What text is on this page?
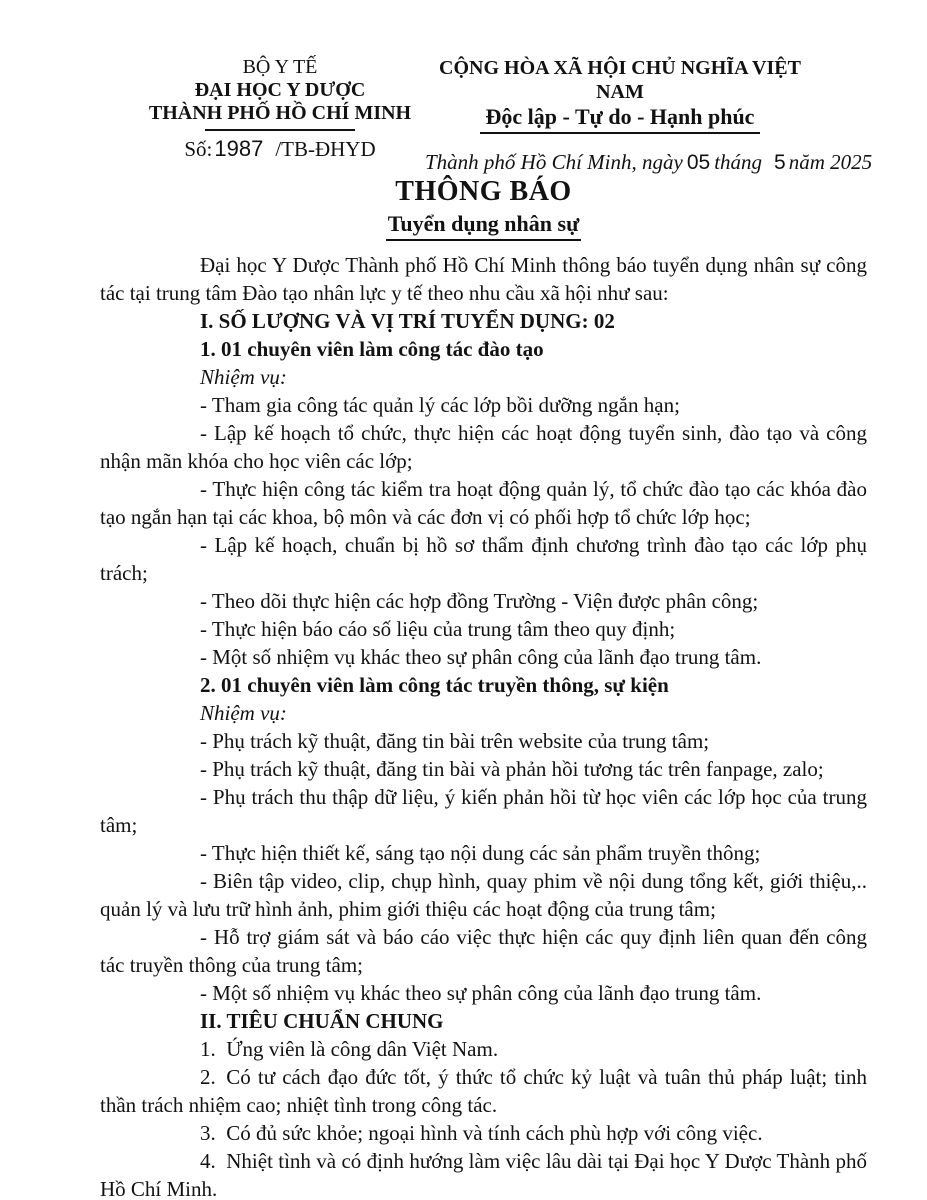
BỘ Y TẾ
ĐẠI HỌC Y DƯỢC
THÀNH PHỐ HỒ CHÍ MINH
Số:1987 /TB-ĐHYD
CỘNG HÒA XÃ HỘI CHỦ NGHĨA VIỆT NAM
Độc lập - Tự do - Hạnh phúc
Thành phố Hồ Chí Minh, ngày 05 tháng 5 năm 2025
THÔNG BÁO
Tuyển dụng nhân sự

Đại học Y Dược Thành phố Hồ Chí Minh thông báo tuyển dụng nhân sự công tác tại trung tâm Đào tạo nhân lực y tế theo nhu cầu xã hội như sau:

I. SỐ LƯỢNG VÀ VỊ TRÍ TUYỂN DỤNG: 02

1. 01 chuyên viên làm công tác đào tạo

Nhiệm vụ:

- Tham gia công tác quản lý các lớp bồi dưỡng ngắn hạn;

- Lập kế hoạch tổ chức, thực hiện các hoạt động tuyển sinh, đào tạo và công nhận mãn khóa cho học viên các lớp;

- Thực hiện công tác kiểm tra hoạt động quản lý, tổ chức đào tạo các khóa đào tạo ngắn hạn tại các khoa, bộ môn và các đơn vị có phối hợp tổ chức lớp học;

- Lập kế hoạch, chuẩn bị hồ sơ thẩm định chương trình đào tạo các lớp phụ trách;

- Theo dõi thực hiện các hợp đồng Trường - Viện được phân công;

- Thực hiện báo cáo số liệu của trung tâm theo quy định;

- Một số nhiệm vụ khác theo sự phân công của lãnh đạo trung tâm.

2. 01 chuyên viên làm công tác truyền thông, sự kiện

Nhiệm vụ:

- Phụ trách kỹ thuật, đăng tin bài trên website của trung tâm;

- Phụ trách kỹ thuật, đăng tin bài và phản hồi tương tác trên fanpage, zalo;

- Phụ trách thu thập dữ liệu, ý kiến phản hồi từ học viên các lớp học của trung tâm;

- Thực hiện thiết kế, sáng tạo nội dung các sản phẩm truyền thông;

- Biên tập video, clip, chụp hình, quay phim về nội dung tổng kết, giới thiệu,.. quản lý và lưu trữ hình ảnh, phim giới thiệu các hoạt động của trung tâm;

- Hỗ trợ giám sát và báo cáo việc thực hiện các quy định liên quan đến công tác truyền thông của trung tâm;

- Một số nhiệm vụ khác theo sự phân công của lãnh đạo trung tâm.

II. TIÊU CHUẨN CHUNG

1. Ứng viên là công dân Việt Nam.

2. Có tư cách đạo đức tốt, ý thức tổ chức kỷ luật và tuân thủ pháp luật; tinh thần trách nhiệm cao; nhiệt tình trong công tác.

3. Có đủ sức khỏe; ngoại hình và tính cách phù hợp với công việc.

4. Nhiệt tình và có định hướng làm việc lâu dài tại Đại học Y Dược Thành phố Hồ Chí Minh.
